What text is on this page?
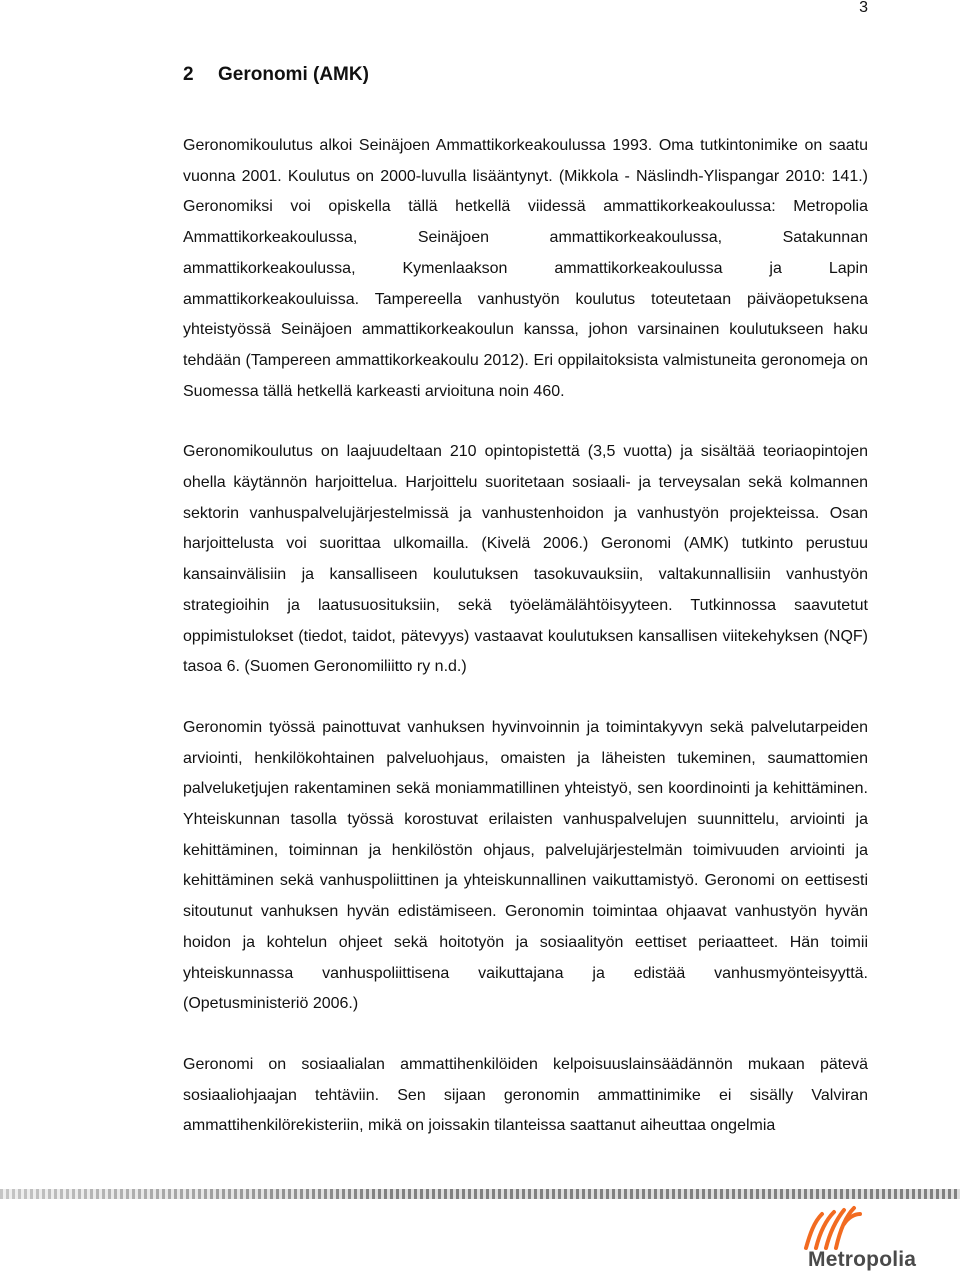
3
2 Geronomi (AMK)

Geronomikoulutus alkoi Seinäjoen Ammattikorkeakoulussa 1993. Oma tutkintonimike on saatu vuonna 2001. Koulutus on 2000-luvulla lisääntynyt. (Mikkola - Näslindh-Ylispangar 2010: 141.) Geronomiksi voi opiskella tällä hetkellä viidessä ammattikorkeakoulussa: Metropolia Ammattikorkeakoulussa, Seinäjoen ammattikorkeakoulussa, Satakunnan ammattikorkeakoulussa, Kymenlaakson ammattikorkeakoulussa ja Lapin ammattikorkeakouluissa. Tampereella vanhustyön koulutus toteutetaan päiväopetuksena yhteistyössä Seinäjoen ammattikorkeakoulun kanssa, johon varsinainen koulutukseen haku tehdään (Tampereen ammattikorkeakoulu 2012). Eri oppilaitoksista valmistuneita geronomeja on Suomessa tällä hetkellä karkeasti arvioituna noin 460.

Geronomikoulutus on laajuudeltaan 210 opintopistettä (3,5 vuotta) ja sisältää teoriaopintojen ohella käytännön harjoittelua. Harjoittelu suoritetaan sosiaali- ja terveysalan sekä kolmannen sektorin vanhuspalvelujärjestelmissä ja vanhustenhoidon ja vanhustyön projekteissa. Osan harjoittelusta voi suorittaa ulkomailla. (Kivelä 2006.) Geronomi (AMK) tutkinto perustuu kansainvälisiin ja kansalliseen koulutuksen tasokuvauksiin, valtakunnallisiin vanhustyön strategioihin ja laatusuosituksiin, sekä työelämälähtöisyyteen. Tutkinnossa saavutetut oppimistulokset (tiedot, taidot, pätevyys) vastaavat koulutuksen kansallisen viitekehyksen (NQF) tasoa 6. (Suomen Geronomiliitto ry n.d.)

Geronomin työssä painottuvat vanhuksen hyvinvoinnin ja toimintakyvyn sekä palvelutarpeiden arviointi, henkilökohtainen palveluohjaus, omaisten ja läheisten tukeminen, saumattomien palveluketjujen rakentaminen sekä moniammatillinen yhteistyö, sen koordinointi ja kehittäminen. Yhteiskunnan tasolla työssä korostuvat erilaisten vanhuspalvelujen suunnittelu, arviointi ja kehittäminen, toiminnan ja henkilöstön ohjaus, palvelujärjestelmän toimivuuden arviointi ja kehittäminen sekä vanhuspoliittinen ja yhteiskunnallinen vaikuttamistyö. Geronomi on eettisesti sitoutunut vanhuksen hyvän edistämiseen. Geronomin toimintaa ohjaavat vanhustyön hyvän hoidon ja kohtelun ohjeet sekä hoitotyön ja sosiaalityön eettiset periaatteet. Hän toimii yhteiskunnassa vanhuspoliittisena vaikuttajana ja edistää vanhusmyönteisyyttä. (Opetusministeriö 2006.)

Geronomi on sosiaalialan ammattihenkilöiden kelpoisuuslainsäädännön mukaan pätevä sosiaaliohjaajan tehtäviin. Sen sijaan geronomin ammattinimike ei sisälly Valviran ammattihenkilörekisteriin, mikä on joissakin tilanteissa saattanut aiheuttaa ongelmia

Metropolia
